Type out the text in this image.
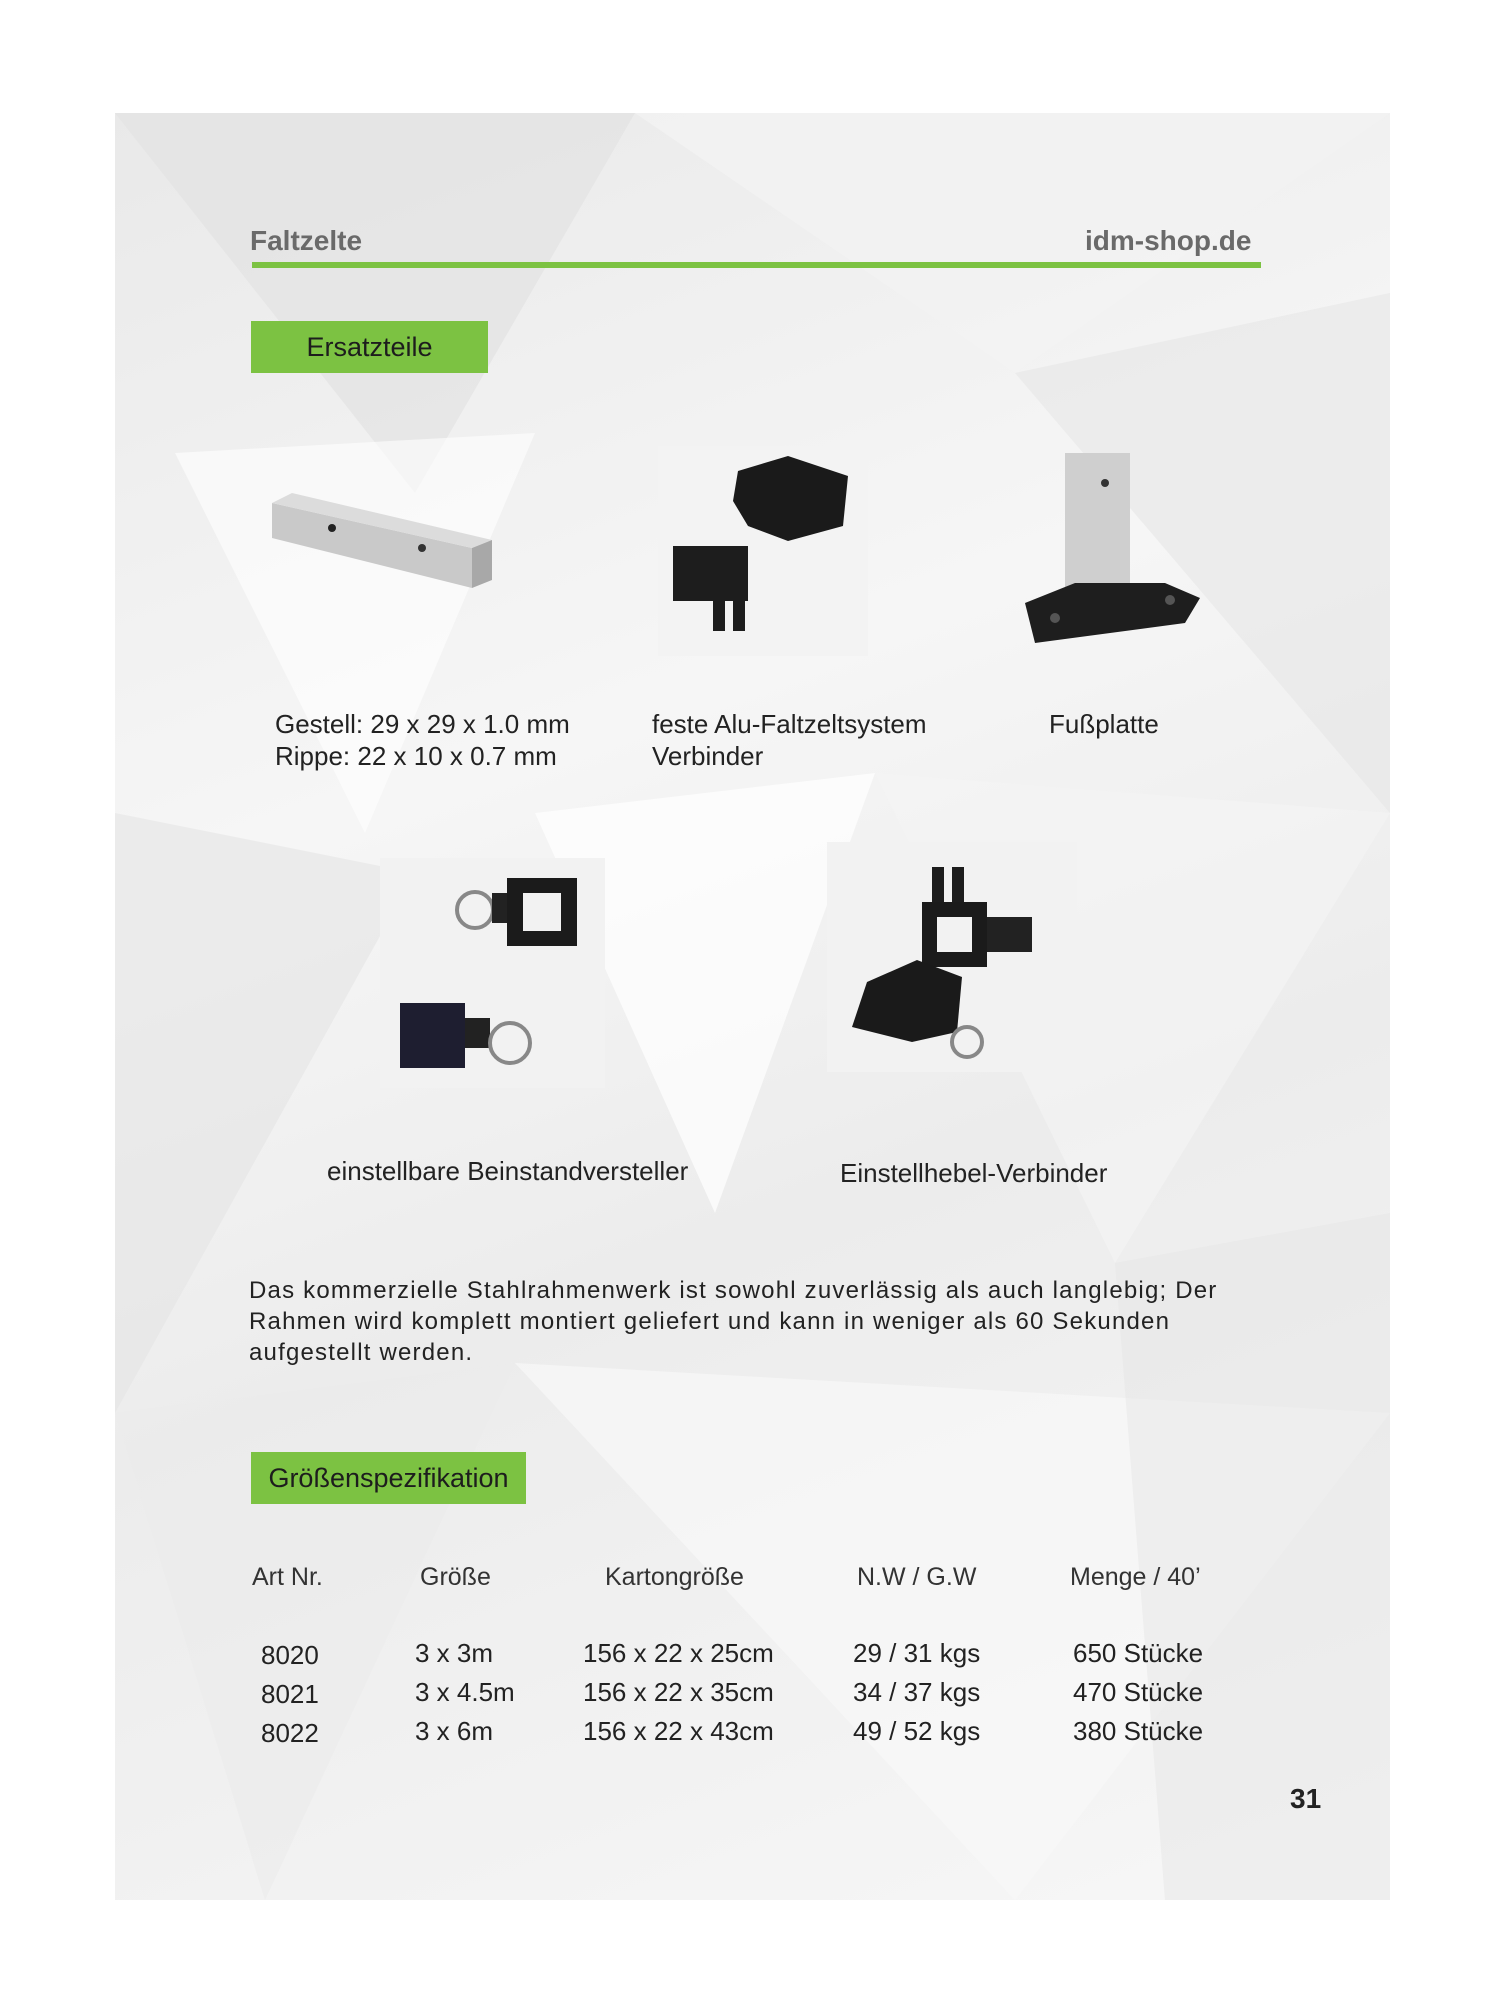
Faltzelte	idm-shop.de
Ersatzteile
Gestell: 29 x 29 x 1.0 mm
Rippe: 22 x 10 x 0.7 mm
feste Alu-Faltzeltsystem
Verbinder
Fußplatte
einstellbare Beinstandversteller	Einstellhebel-Verbinder
Das kommerzielle Stahlrahmenwerk ist sowohl zuverlässig als auch langlebig; Der Rahmen wird komplett montiert geliefert und kann in weniger als 60 Sekunden aufgestellt werden.
Größenspezifikation
Art Nr.	Größe	Kartongröße	N.W / G.W	Menge / 40’
8020	3 x 3m	156 x 22 x 25cm	29 / 31 kgs	650 Stücke
8021	3 x 4.5m	156 x 22 x 35cm	34 / 37 kgs	470 Stücke
8022	3 x 6m	156 x 22 x 43cm	49 / 52 kgs	380 Stücke
31
